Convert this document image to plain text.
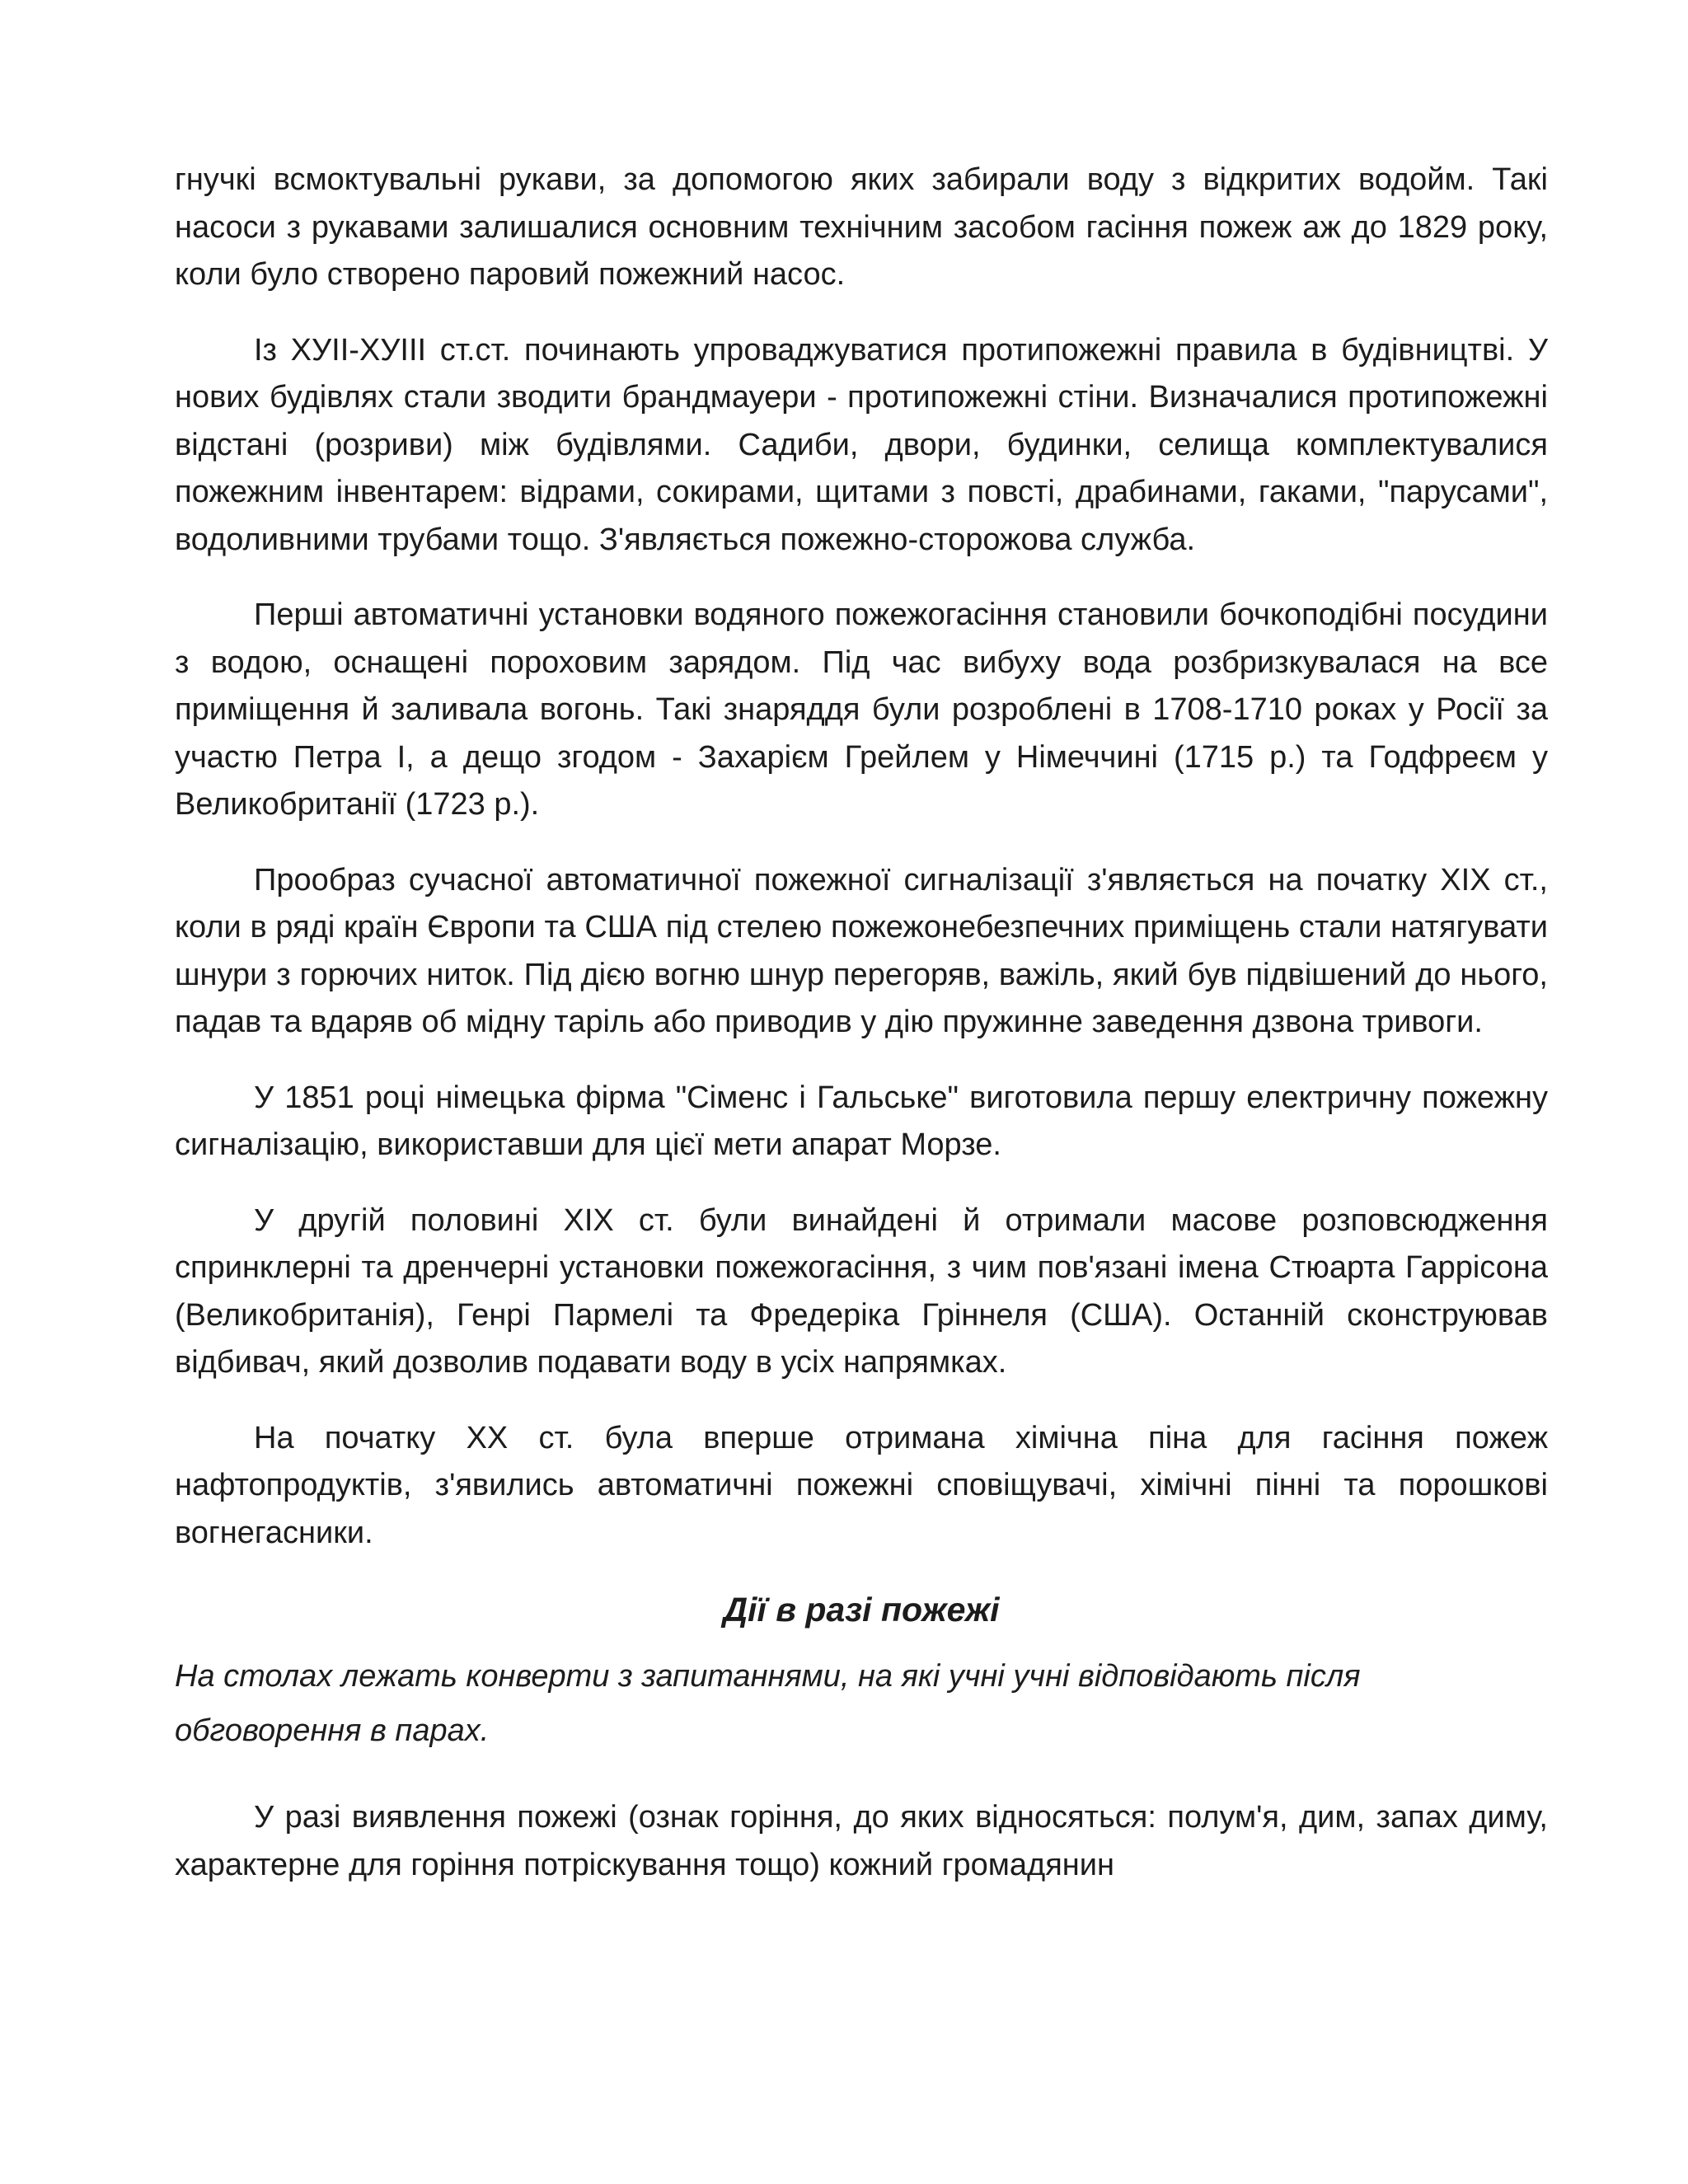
гнучкі всмоктувальні рукави, за допомогою яких забирали воду з відкритих водойм. Такі насоси з рукавами залишалися основним технічним засобом гасіння пожеж аж до 1829 року, коли було створено паровий пожежний насос.

Із ХУІІ-ХУІІІ ст.ст. починають упроваджуватися протипожежні правила в будівництві. У нових будівлях стали зводити брандмауери - протипожежні стіни. Визначалися протипожежні відстані (розриви) між будівлями. Садиби, двори, будинки, селища комплектувалися пожежним інвентарем: відрами, сокирами, щитами з повсті, драбинами, гаками, "парусами", водоливними трубами тощо. З'являється пожежно-сторожова служба.

Перші автоматичні установки водяного пожежогасіння становили бочкоподібні посудини з водою, оснащені пороховим зарядом. Під час вибуху вода розбризкувалася на все приміщення й заливала вогонь. Такі знаряддя були розроблені в 1708-1710 роках у Росії за участю Петра І, а дещо згодом - Захарієм Грейлем у Німеччині (1715 р.) та Годфреєм у Великобританії (1723 р.).

Прообраз сучасної автоматичної пожежної сигналізації з'являється на початку ХІХ ст., коли в ряді країн Європи та США під стелею пожежонебезпечних приміщень стали натягувати шнури з горючих ниток. Під дією вогню шнур перегоряв, важіль, який був підвішений до нього, падав та вдаряв об мідну таріль або приводив у дію пружинне заведення дзвона тривоги.

У 1851 році німецька фірма "Сіменс і Гальське" виготовила першу електричну пожежну сигналізацію, використавши для цієї мети апарат Морзе.

У другій половині ХІХ ст. були винайдені й отримали масове розповсюдження спринклерні та дренчерні установки пожежогасіння, з чим пов'язані імена Стюарта Гаррісона (Великобританія), Генрі Пармелі та Фредеріка Гріннеля (США). Останній сконструював відбивач, який дозволив подавати воду в усіх напрямках.

На початку XX ст. була вперше отримана хімічна піна для гасіння пожеж нафтопродуктів, з'явились автоматичні пожежні сповіщувачі, хімічні пінні та порошкові вогнегасники.

Дії в разі пожежі

На столах лежать конверти з запитаннями, на які учні учні відповідають після обговорення в парах.

У разі виявлення пожежі (ознак горіння, до яких відносяться: полум'я, дим, запах диму, характерне для горіння потріскування тощо) кожний громадянин
